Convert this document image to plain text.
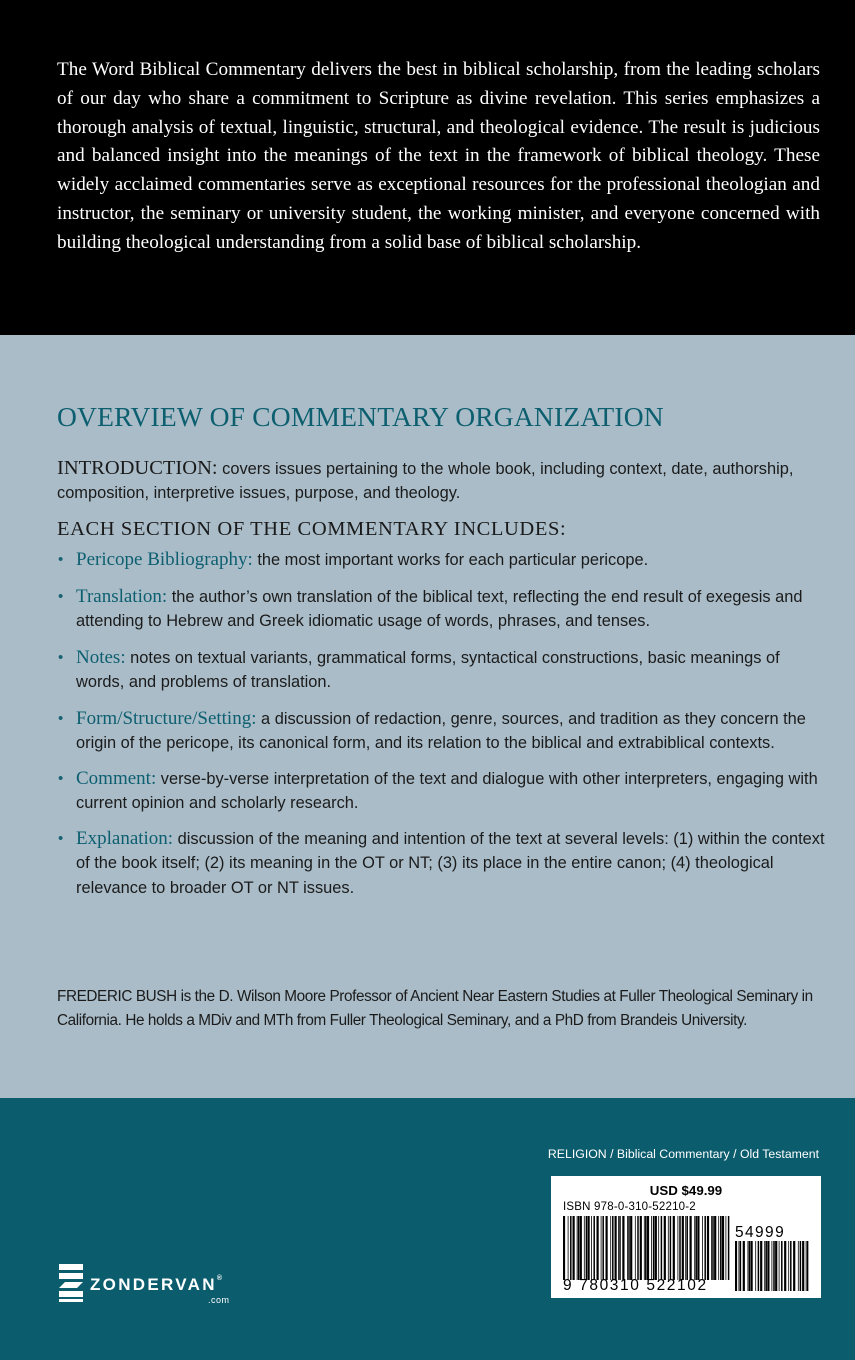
The Word Biblical Commentary delivers the best in biblical scholarship, from the leading scholars of our day who share a commitment to Scripture as divine revelation. This series emphasizes a thorough analysis of textual, linguistic, structural, and theological evidence. The result is judicious and balanced insight into the meanings of the text in the framework of biblical theology. These widely acclaimed commentaries serve as exceptional resources for the professional theologian and instructor, the seminary or university student, the working minister, and everyone concerned with building theological understanding from a solid base of biblical scholarship.

OVERVIEW OF COMMENTARY ORGANIZATION

INTRODUCTION: covers issues pertaining to the whole book, including context, date, authorship, composition, interpretive issues, purpose, and theology.

EACH SECTION OF THE COMMENTARY INCLUDES:
• Pericope Bibliography: the most important works for each particular pericope.
• Translation: the author’s own translation of the biblical text, reflecting the end result of exegesis and attending to Hebrew and Greek idiomatic usage of words, phrases, and tenses.
• Notes: notes on textual variants, grammatical forms, syntactical constructions, basic meanings of words, and problems of translation.
• Form/Structure/Setting: a discussion of redaction, genre, sources, and tradition as they concern the origin of the pericope, its canonical form, and its relation to the biblical and extrabiblical contexts.
• Comment: verse-by-verse interpretation of the text and dialogue with other interpreters, engaging with current opinion and scholarly research.
• Explanation: discussion of the meaning and intention of the text at several levels: (1) within the context of the book itself; (2) its meaning in the OT or NT; (3) its place in the entire canon; (4) theological relevance to broader OT or NT issues.

FREDERIC BUSH is the D. Wilson Moore Professor of Ancient Near Eastern Studies at Fuller Theological Seminary in California. He holds a MDiv and MTh from Fuller Theological Seminary, and a PhD from Brandeis University.

RELIGION / Biblical Commentary / Old Testament
USD $49.99
ISBN 978-0-310-52210-2
9 780310 522102
54999
ZONDERVAN®
.com
